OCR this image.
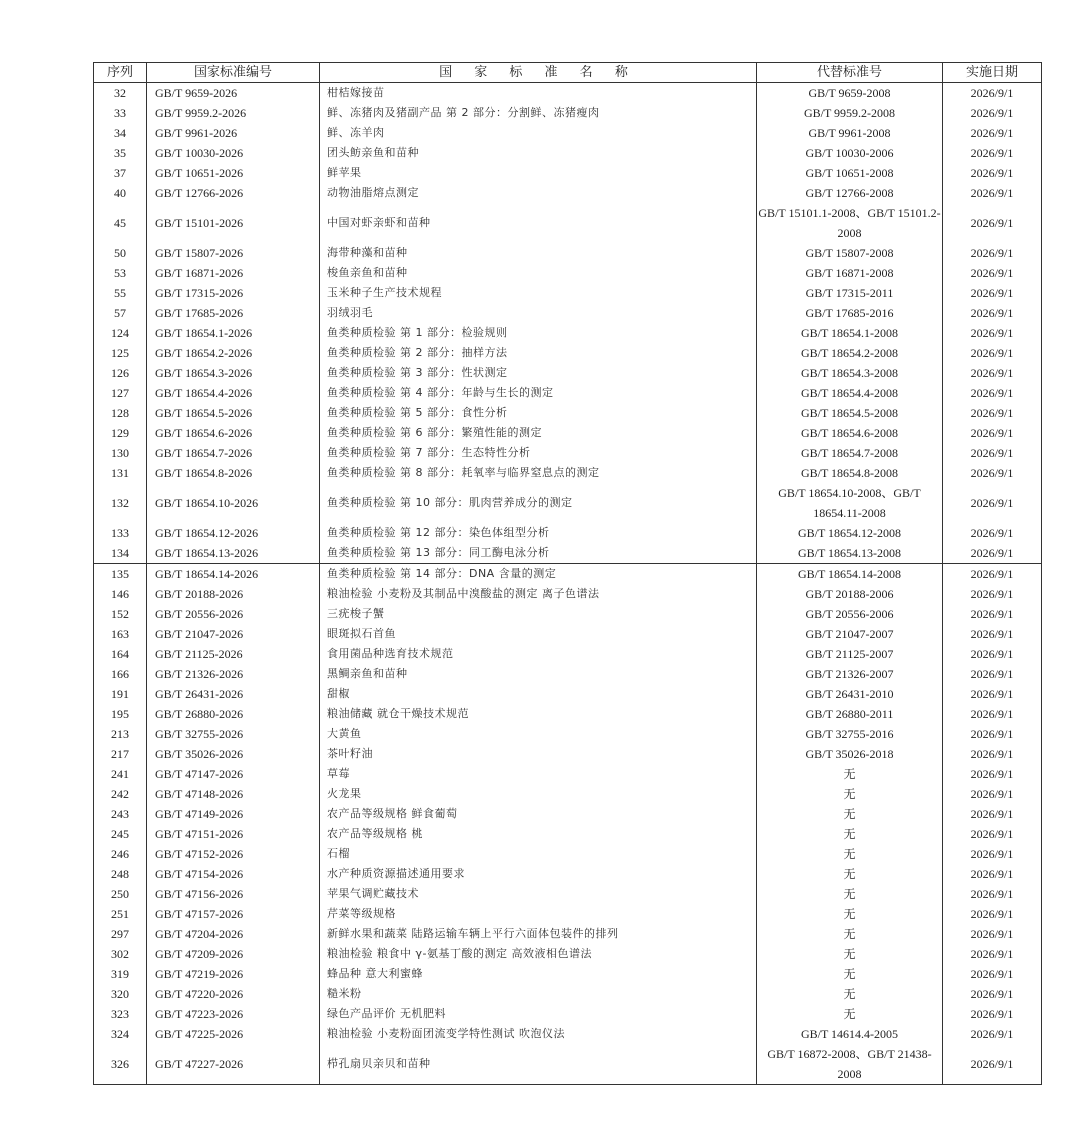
序列	国家标准编号	国 家 标 准 名 称	代替标准号	实施日期
32	GB/T 9659-2026	柑桔嫁接苗	GB/T 9659-2008	2026/9/1
33	GB/T 9959.2-2026	鲜、冻猪肉及猪副产品 第 2 部分：分割鲜、冻猪瘦肉	GB/T 9959.2-2008	2026/9/1
34	GB/T 9961-2026	鲜、冻羊肉	GB/T 9961-2008	2026/9/1
35	GB/T 10030-2026	团头鲂亲鱼和苗种	GB/T 10030-2006	2026/9/1
37	GB/T 10651-2026	鲜苹果	GB/T 10651-2008	2026/9/1
40	GB/T 12766-2026	动物油脂熔点测定	GB/T 12766-2008	2026/9/1
45	GB/T 15101-2026	中国对虾亲虾和苗种	GB/T 15101.1-2008、GB/T 15101.2-2008	2026/9/1
50	GB/T 15807-2026	海带种藻和苗种	GB/T 15807-2008	2026/9/1
53	GB/T 16871-2026	梭鱼亲鱼和苗种	GB/T 16871-2008	2026/9/1
55	GB/T 17315-2026	玉米种子生产技术规程	GB/T 17315-2011	2026/9/1
57	GB/T 17685-2026	羽绒羽毛	GB/T 17685-2016	2026/9/1
124	GB/T 18654.1-2026	鱼类种质检验 第 1 部分：检验规则	GB/T 18654.1-2008	2026/9/1
125	GB/T 18654.2-2026	鱼类种质检验 第 2 部分：抽样方法	GB/T 18654.2-2008	2026/9/1
126	GB/T 18654.3-2026	鱼类种质检验 第 3 部分：性状测定	GB/T 18654.3-2008	2026/9/1
127	GB/T 18654.4-2026	鱼类种质检验 第 4 部分：年龄与生长的测定	GB/T 18654.4-2008	2026/9/1
128	GB/T 18654.5-2026	鱼类种质检验 第 5 部分：食性分析	GB/T 18654.5-2008	2026/9/1
129	GB/T 18654.6-2026	鱼类种质检验 第 6 部分：繁殖性能的测定	GB/T 18654.6-2008	2026/9/1
130	GB/T 18654.7-2026	鱼类种质检验 第 7 部分：生态特性分析	GB/T 18654.7-2008	2026/9/1
131	GB/T 18654.8-2026	鱼类种质检验 第 8 部分：耗氧率与临界窒息点的测定	GB/T 18654.8-2008	2026/9/1
132	GB/T 18654.10-2026	鱼类种质检验 第 10 部分：肌肉营养成分的测定	GB/T 18654.10-2008、GB/T 18654.11-2008	2026/9/1
133	GB/T 18654.12-2026	鱼类种质检验 第 12 部分：染色体组型分析	GB/T 18654.12-2008	2026/9/1
134	GB/T 18654.13-2026	鱼类种质检验 第 13 部分：同工酶电泳分析	GB/T 18654.13-2008	2026/9/1
135	GB/T 18654.14-2026	鱼类种质检验 第 14 部分：DNA 含量的测定	GB/T 18654.14-2008	2026/9/1
146	GB/T 20188-2026	粮油检验 小麦粉及其制品中溴酸盐的测定 离子色谱法	GB/T 20188-2006	2026/9/1
152	GB/T 20556-2026	三疣梭子蟹	GB/T 20556-2006	2026/9/1
163	GB/T 21047-2026	眼斑拟石首鱼	GB/T 21047-2007	2026/9/1
164	GB/T 21125-2026	食用菌品种选育技术规范	GB/T 21125-2007	2026/9/1
166	GB/T 21326-2026	黑鲷亲鱼和苗种	GB/T 21326-2007	2026/9/1
191	GB/T 26431-2026	甜椒	GB/T 26431-2010	2026/9/1
195	GB/T 26880-2026	粮油储藏 就仓干燥技术规范	GB/T 26880-2011	2026/9/1
213	GB/T 32755-2026	大黄鱼	GB/T 32755-2016	2026/9/1
217	GB/T 35026-2026	茶叶籽油	GB/T 35026-2018	2026/9/1
241	GB/T 47147-2026	草莓	无	2026/9/1
242	GB/T 47148-2026	火龙果	无	2026/9/1
243	GB/T 47149-2026	农产品等级规格 鲜食葡萄	无	2026/9/1
245	GB/T 47151-2026	农产品等级规格 桃	无	2026/9/1
246	GB/T 47152-2026	石榴	无	2026/9/1
248	GB/T 47154-2026	水产种质资源描述通用要求	无	2026/9/1
250	GB/T 47156-2026	苹果气调贮藏技术	无	2026/9/1
251	GB/T 47157-2026	芹菜等级规格	无	2026/9/1
297	GB/T 47204-2026	新鲜水果和蔬菜 陆路运输车辆上平行六面体包装件的排列	无	2026/9/1
302	GB/T 47209-2026	粮油检验 粮食中 γ-氨基丁酸的测定 高效液相色谱法	无	2026/9/1
319	GB/T 47219-2026	蜂品种 意大利蜜蜂	无	2026/9/1
320	GB/T 47220-2026	糙米粉	无	2026/9/1
323	GB/T 47223-2026	绿色产品评价 无机肥料	无	2026/9/1
324	GB/T 47225-2026	粮油检验 小麦粉面团流变学特性测试 吹泡仪法	GB/T 14614.4-2005	2026/9/1
326	GB/T 47227-2026	栉孔扇贝亲贝和苗种	GB/T 16872-2008、GB/T 21438-2008	2026/9/1
